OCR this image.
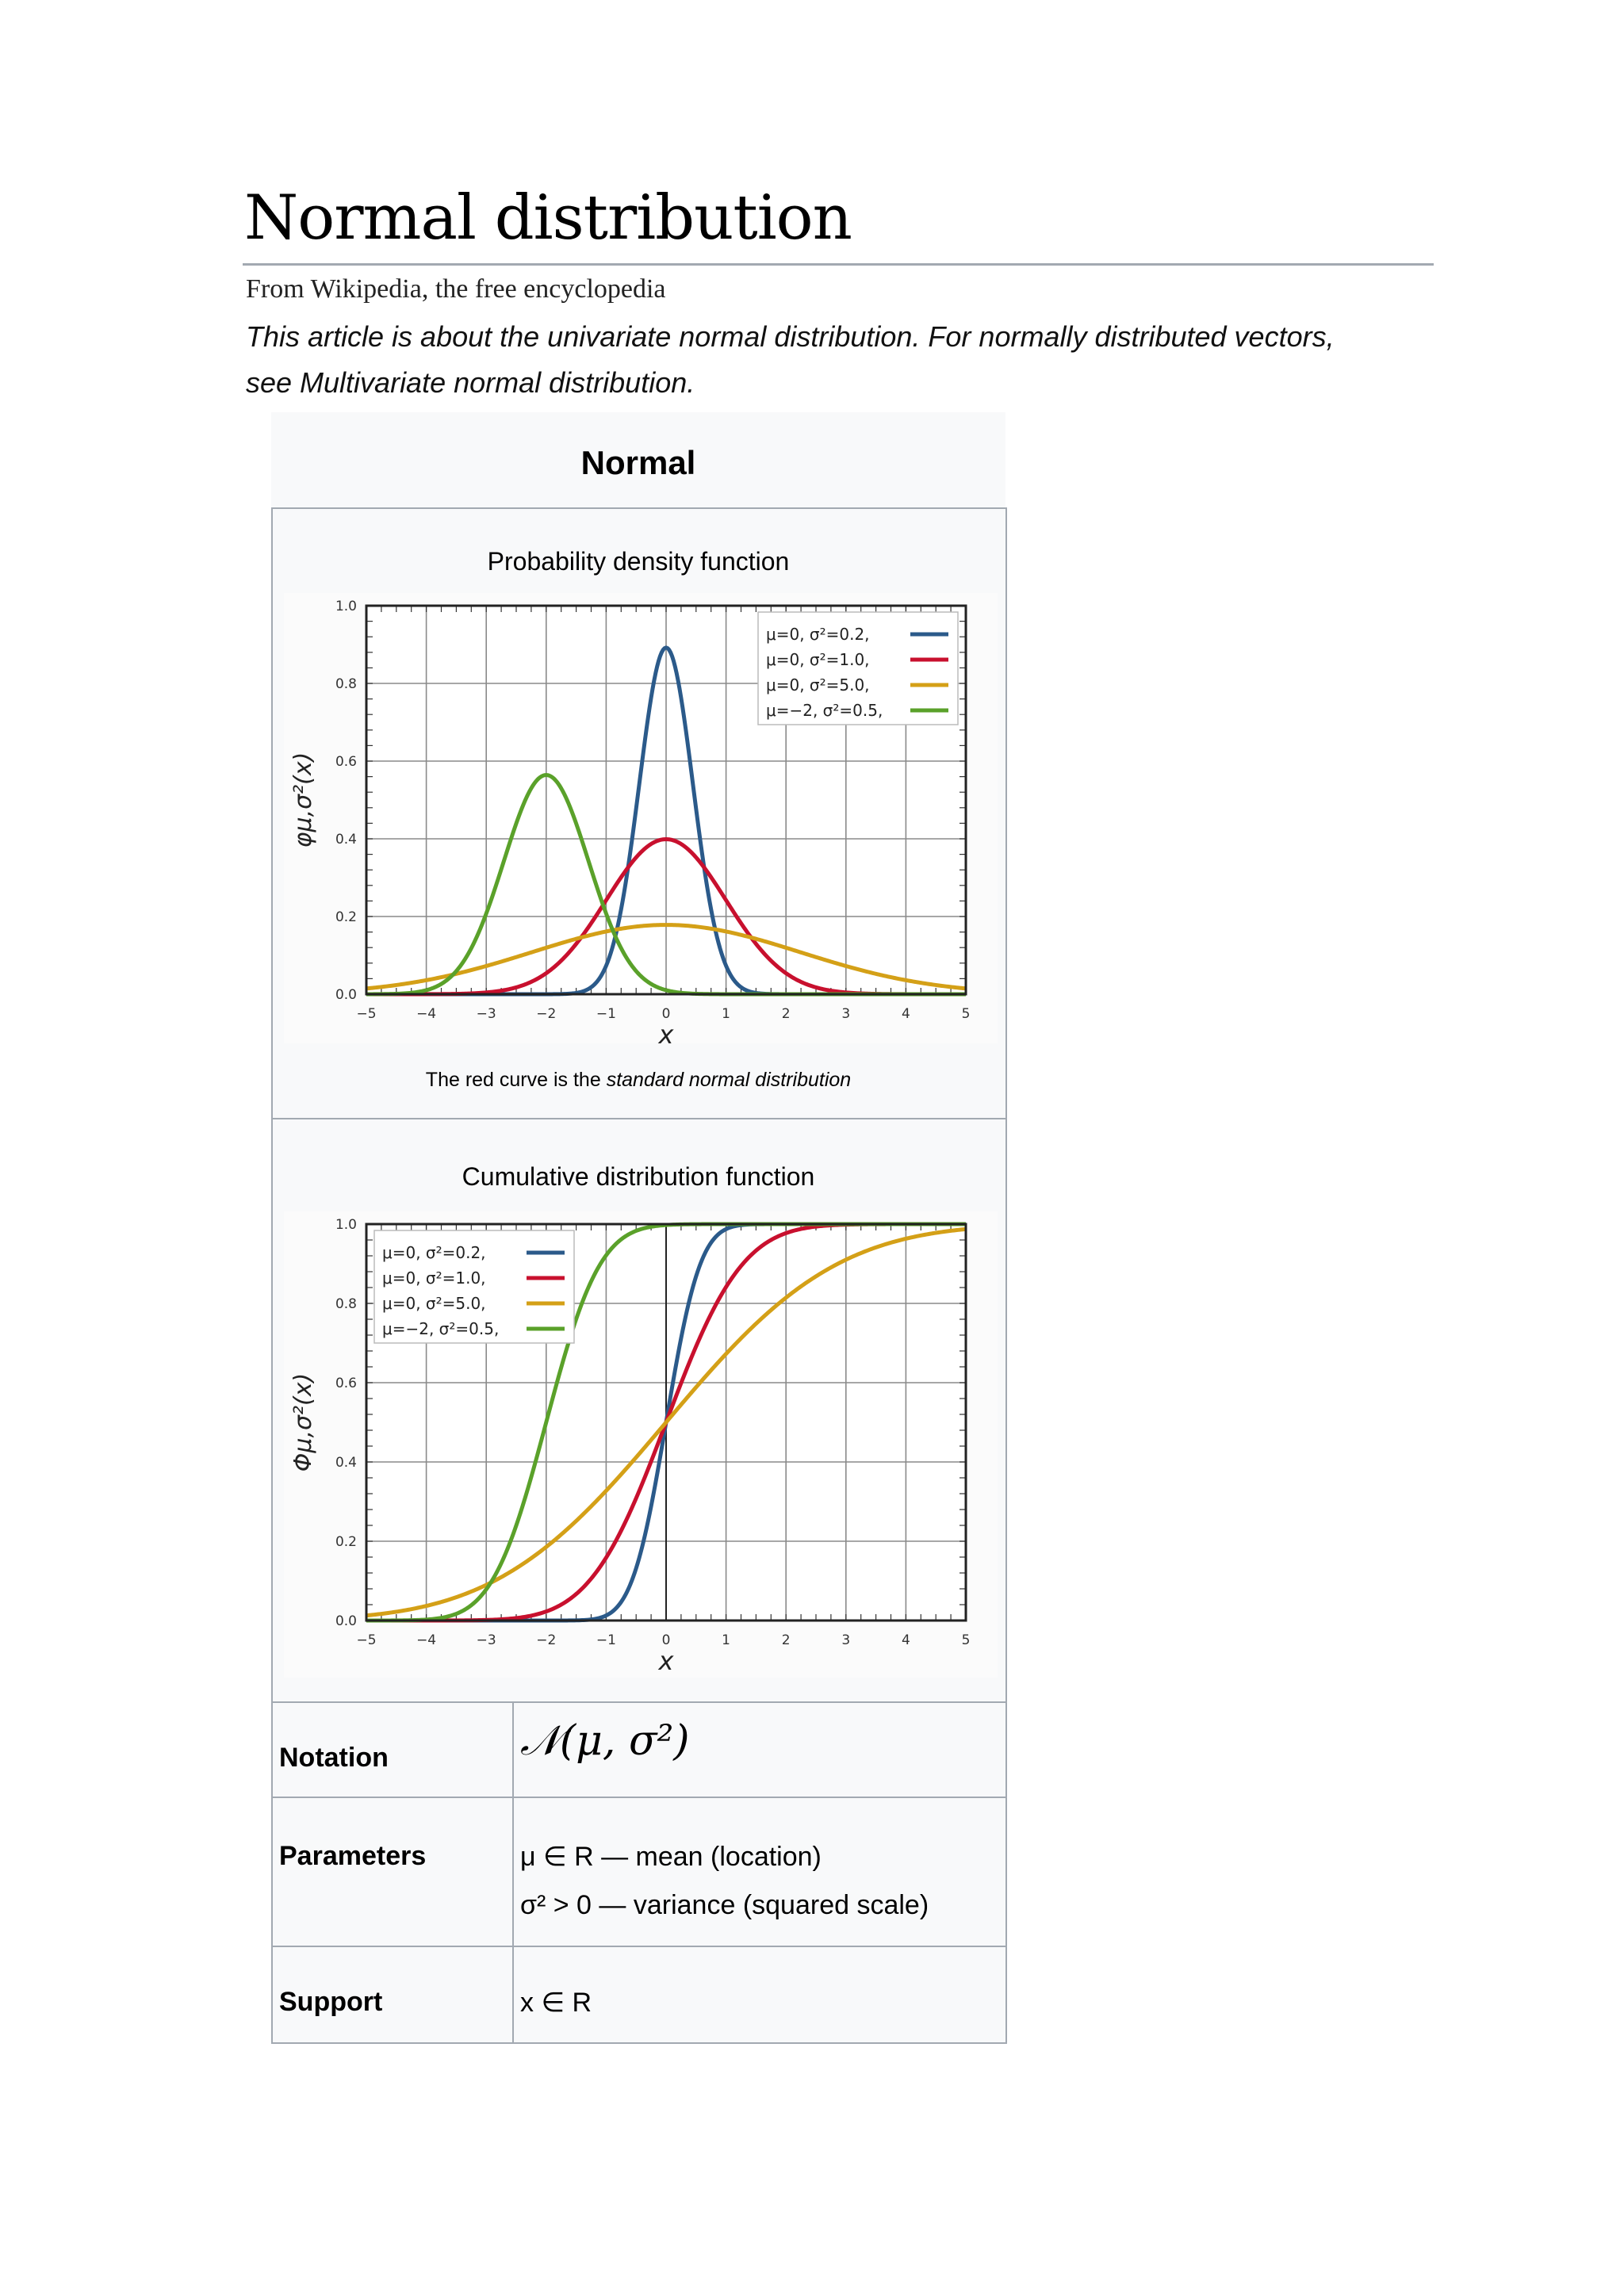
Normal distribution
From Wikipedia, the free encyclopedia
This article is about the univariate normal distribution. For normally distributed vectors,
see Multivariate normal distribution.
Normal
Probability density function
−5	−4	−3	−2	−1	0	1	2	3	4	5
0.0
0.2
0.4
0.6
0.8
1.0
x
φμ,σ²(x)
μ=0, σ²=0.2,
μ=0, σ²=1.0,
μ=0, σ²=5.0,
μ=−2, σ²=0.5,
The red curve is the standard normal distribution
Cumulative distribution function
−5	−4	−3	−2	−1	0	1	2	3	4	5
0.0
0.2
0.4
0.6
0.8
1.0
x
Φμ,σ²(x)
μ=0, σ²=0.2,
μ=0, σ²=1.0,
μ=0, σ²=5.0,
μ=−2, σ²=0.5,
Notation	𝒩(μ, σ²)
Parameters	μ ∈ R — mean (location)
σ² > 0 — variance (squared scale)
Support	x ∈ R
